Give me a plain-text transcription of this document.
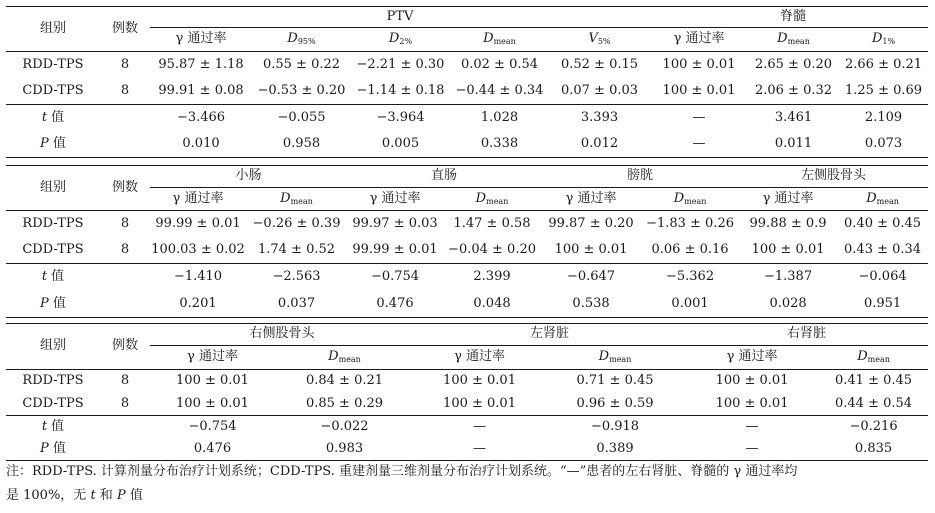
组别	例数	PTV					脊髓		
		γ 通过率	$D_{95\%}$	$D_{2\%}$	$D_{mean}$	$V_{5\%}$	γ 通过率	$D_{mean}$	$D_{1\%}$
RDD-TPS	8	95.87 ± 1.18	0.55 ± 0.22	−2.21 ± 0.30	0.02 ± 0.54	0.52 ± 0.15	100 ± 0.01	2.65 ± 0.20	2.66 ± 0.21
CDD-TPS	8	99.91 ± 0.08	−0.53 ± 0.20	−1.14 ± 0.18	−0.44 ± 0.34	0.07 ± 0.03	100 ± 0.01	2.06 ± 0.32	1.25 ± 0.69
t 值		−3.466	−0.055	−3.964	1.028	3.393	—	3.461	2.109
P 值		0.010	0.958	0.005	0.338	0.012	—	0.011	0.073
组别	例数	小肠		直肠		膀胱		左侧股骨头	
		γ 通过率	$D_{mean}$	γ 通过率	$D_{mean}$	γ 通过率	$D_{mean}$	γ 通过率	$D_{mean}$
RDD-TPS	8	99.99 ± 0.01	−0.26 ± 0.39	99.97 ± 0.03	1.47 ± 0.58	99.87 ± 0.20	−1.83 ± 0.26	99.88 ± 0.9	0.40 ± 0.45
CDD-TPS	8	100.03 ± 0.02	1.74 ± 0.52	99.99 ± 0.01	−0.04 ± 0.20	100 ± 0.01	0.06 ± 0.16	100 ± 0.01	0.43 ± 0.34
t 值		−1.410	−2.563	−0.754	2.399	−0.647	−5.362	−1.387	−0.064
P 值		0.201	0.037	0.476	0.048	0.538	0.001	0.028	0.951
组别	例数	右侧股骨头		左肾脏		右肾脏	
		γ 通过率	$D_{mean}$	γ 通过率	$D_{mean}$	γ 通过率	$D_{mean}$
RDD-TPS	8	100 ± 0.01	0.84 ± 0.21	100 ± 0.01	0.71 ± 0.45	100 ± 0.01	0.41 ± 0.45
CDD-TPS	8	100 ± 0.01	0.85 ± 0.29	100 ± 0.01	0.96 ± 0.59	100 ± 0.01	0.44 ± 0.54
t 值		−0.754	−0.022	—	−0.918	—	−0.216
P 值		0.476	0.983	—	0.389	—	0.835
注：RDD-TPS. 计算剂量分布治疗计划系统；CDD-TPS. 重建剂量三维剂量分布治疗计划系统。“—”患者的左右肾脏、脊髓的 γ 通过率均
是 100%，无 t 和 P 值
